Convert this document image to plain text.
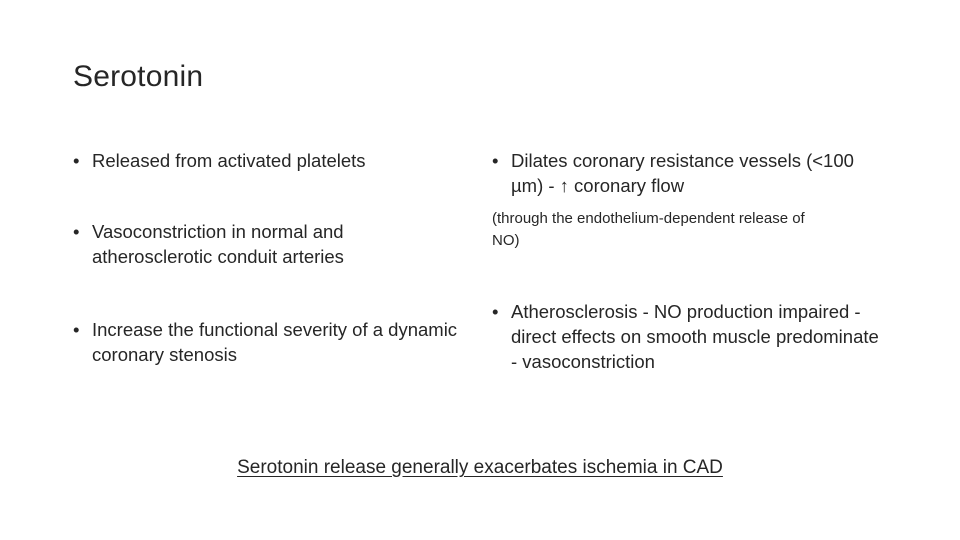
Serotonin
• Released from activated platelets
• Vasoconstriction in normal and atherosclerotic conduit arteries
• Increase the functional severity of a dynamic coronary stenosis
• Dilates coronary resistance vessels (<100 µm) - ↑ coronary flow
(through the endothelium-dependent release of NO)
• Atherosclerosis - NO production impaired - direct effects on smooth muscle predominate - vasoconstriction
Serotonin release generally exacerbates ischemia in CAD
